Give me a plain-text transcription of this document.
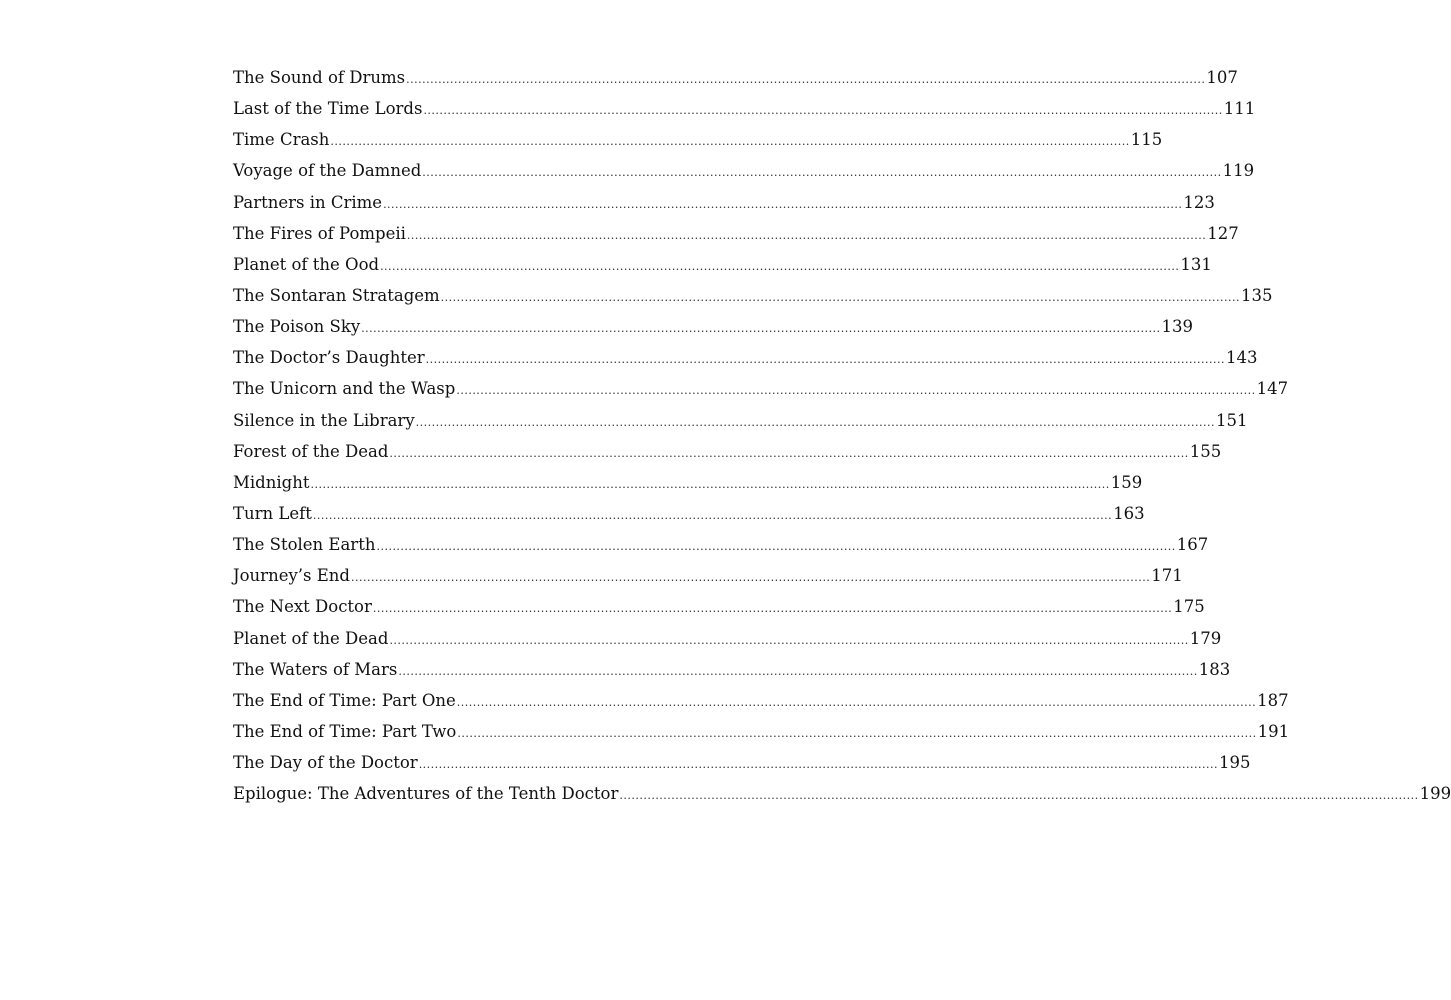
The Sound of Drums ........................................................................................................................................................................................................ 107
Last of the Time Lords ........................................................................................................................................................................................................ 111
Time Crash ........................................................................................................................................................................................................ 115
Voyage of the Damned ........................................................................................................................................................................................................ 119
Partners in Crime ........................................................................................................................................................................................................ 123
The Fires of Pompeii ........................................................................................................................................................................................................ 127
Planet of the Ood ........................................................................................................................................................................................................ 131
The Sontaran Stratagem ........................................................................................................................................................................................................ 135
The Poison Sky ........................................................................................................................................................................................................ 139
The Doctor’s Daughter ........................................................................................................................................................................................................ 143
The Unicorn and the Wasp ........................................................................................................................................................................................................ 147
Silence in the Library ........................................................................................................................................................................................................ 151
Forest of the Dead ........................................................................................................................................................................................................ 155
Midnight ........................................................................................................................................................................................................ 159
Turn Left ........................................................................................................................................................................................................ 163
The Stolen Earth ........................................................................................................................................................................................................ 167
Journey’s End ........................................................................................................................................................................................................ 171
The Next Doctor ........................................................................................................................................................................................................ 175
Planet of the Dead ........................................................................................................................................................................................................ 179
The Waters of Mars ........................................................................................................................................................................................................ 183
The End of Time: Part One ........................................................................................................................................................................................................ 187
The End of Time: Part Two ........................................................................................................................................................................................................ 191
The Day of the Doctor ........................................................................................................................................................................................................ 195
Epilogue: The Adventures of the Tenth Doctor ........................................................................................................................................................................................................ 199
